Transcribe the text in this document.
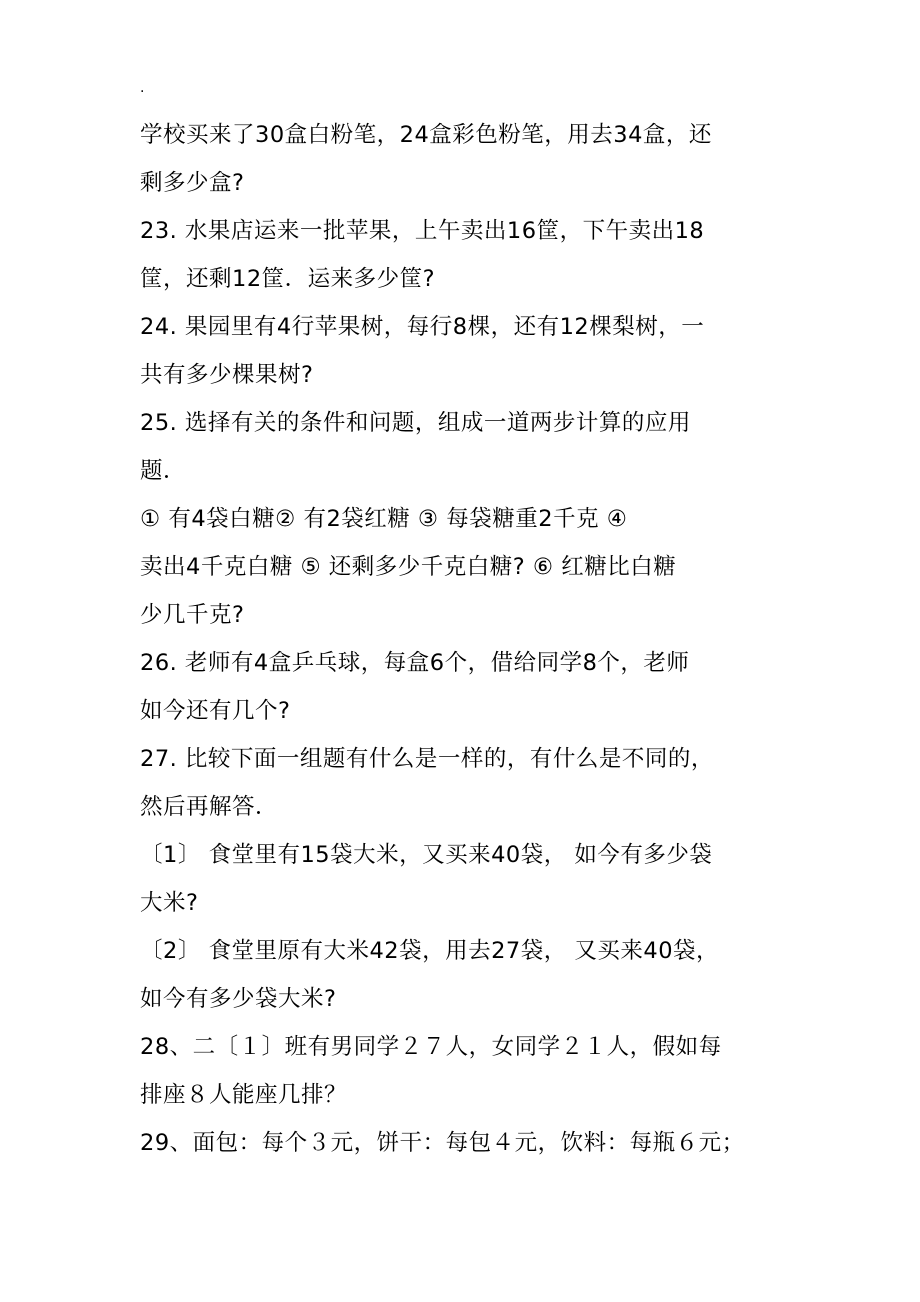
.
学校买来了30盒白粉笔，24盒彩色粉笔，用去34盒，还
剩多少盒?
23. 水果店运来一批苹果，上午卖出16筐，下午卖出18
筐，还剩12筐．运来多少筐?
24. 果园里有4行苹果树，每行8棵，还有12棵梨树，一
共有多少棵果树?
25. 选择有关的条件和问题，组成一道两步计算的应用
题．
① 有4袋白糖② 有2袋红糖 ③ 每袋糖重2千克 ④
卖出4千克白糖 ⑤ 还剩多少千克白糖? ⑥ 红糖比白糖
少几千克?
26. 老师有4盒乒乓球，每盒6个，借给同学8个，老师
如今还有几个?
27. 比较下面一组题有什么是一样的，有什么是不同的，
然后再解答．
〔1〕 食堂里有15袋大米，又买来40袋， 如今有多少袋
大米?
〔2〕 食堂里原有大米42袋，用去27袋， 又买来40袋，
如今有多少袋大米?
28、二〔１〕班有男同学２７人，女同学２１人，假如每
排座８人能座几排？
29、面包：每个３元，饼干：每包４元，饮料：每瓶６元；
